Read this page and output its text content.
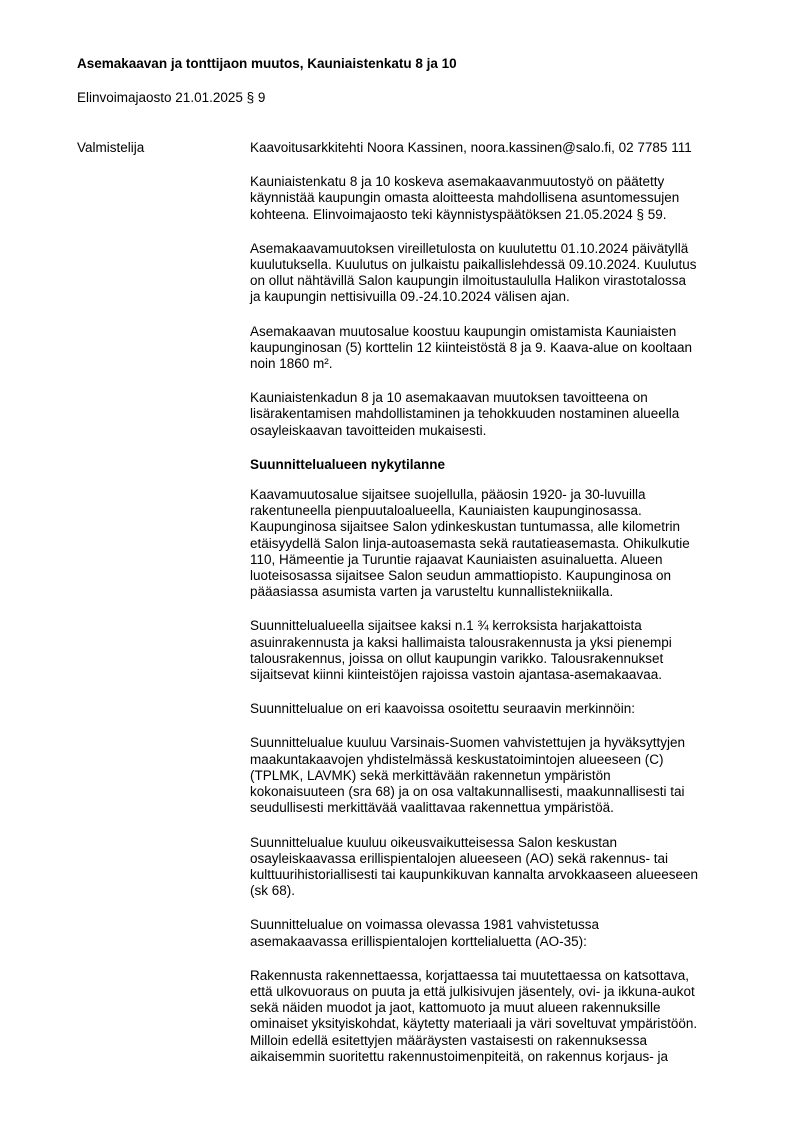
Asemakaavan ja tonttijaon muutos, Kauniaistenkatu 8 ja 10
Elinvoimajaosto 21.01.2025 § 9
Valmistelija	Kaavoitusarkkitehti Noora Kassinen, noora.kassinen@salo.fi, 02 7785 111

Kauniaistenkatu 8 ja 10 koskeva asemakaavanmuutostyö on päätetty
käynnistää kaupungin omasta aloitteesta mahdollisena asuntomessujen
kohteena. Elinvoimajaosto teki käynnistyspäätöksen 21.05.2024 § 59.

Asemakaavamuutoksen vireilletulosta on kuulutettu 01.10.2024 päivätyllä
kuulutuksella. Kuulutus on julkaistu paikallislehdessä 09.10.2024. Kuulutus
on ollut nähtävillä Salon kaupungin ilmoitustaululla Halikon virastotalossa
ja kaupungin nettisivuilla 09.-24.10.2024 välisen ajan.

Asemakaavan muutosalue koostuu kaupungin omistamista Kauniaisten
kaupunginosan (5) korttelin 12 kiinteistöstä 8 ja 9. Kaava-alue on kooltaan
noin 1860 m².

Kauniaistenkadun 8 ja 10 asemakaavan muutoksen tavoitteena on
lisärakentamisen mahdollistaminen ja tehokkuuden nostaminen alueella
osayleiskaavan tavoitteiden mukaisesti.

Suunnittelualueen nykytilanne

Kaavamuutosalue sijaitsee suojellulla, pääosin 1920- ja 30-luvuilla
rakentuneella pienpuutaloalueella, Kauniaisten kaupunginosassa.
Kaupunginosa sijaitsee Salon ydinkeskustan tuntumassa, alle kilometrin
etäisyydellä Salon linja-autoasemasta sekä rautatieasemasta. Ohikulkutie
110, Hämeentie ja Turuntie rajaavat Kauniaisten asuinaluetta. Alueen
luoteisosassa sijaitsee Salon seudun ammattiopisto. Kaupunginosa on
pääasiassa asumista varten ja varusteltu kunnallistekniikalla.

Suunnittelualueella sijaitsee kaksi n.1 ¾ kerroksista harjakattoista
asuinrakennusta ja kaksi hallimaista talousrakennusta ja yksi pienempi
talousrakennus, joissa on ollut kaupungin varikko. Talousrakennukset
sijaitsevat kiinni kiinteistöjen rajoissa vastoin ajantasa-asemakaavaa.

Suunnittelualue on eri kaavoissa osoitettu seuraavin merkinnöin:

Suunnittelualue kuuluu Varsinais-Suomen vahvistettujen ja hyväksyttyjen
maakuntakaavojen yhdistelmässä keskustatoimintojen alueeseen (C)
(TPLMK, LAVMK) sekä merkittävään rakennetun ympäristön
kokonaisuuteen (sra 68) ja on osa valtakunnallisesti, maakunnallisesti tai
seudullisesti merkittävää vaalittavaa rakennettua ympäristöä.

Suunnittelualue kuuluu oikeusvaikutteisessa Salon keskustan
osayleiskaavassa erillispientalojen alueeseen (AO) sekä rakennus- tai
kulttuurihistoriallisesti tai kaupunkikuvan kannalta arvokkaaseen alueeseen
(sk 68).

Suunnittelualue on voimassa olevassa 1981 vahvistetussa
asemakaavassa erillispientalojen korttelialuetta (AO-35):

Rakennusta rakennettaessa, korjattaessa tai muutettaessa on katsottava,
että ulkovuoraus on puuta ja että julkisivujen jäsentely, ovi- ja ikkuna-aukot
sekä näiden muodot ja jaot, kattomuoto ja muut alueen rakennuksille
ominaiset yksityiskohdat, käytetty materiaali ja väri soveltuvat ympäristöön.
Milloin edellä esitettyjen määräysten vastaisesti on rakennuksessa
aikaisemmin suoritettu rakennustoimenpiteitä, on rakennus korjaus- ja
